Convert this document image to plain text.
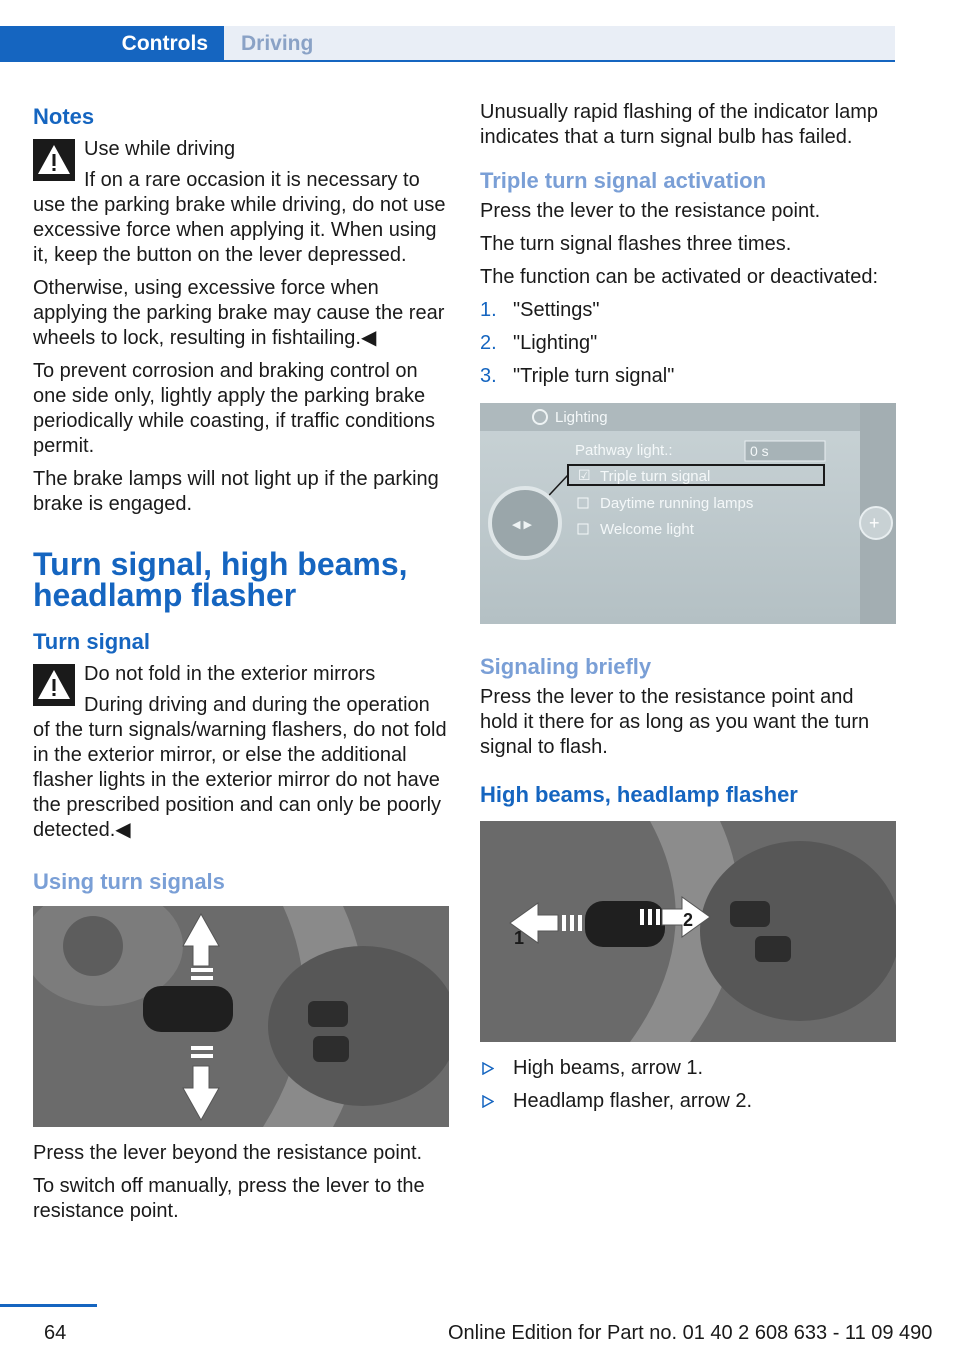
Controls Driving
Notes

Use while driving

If on a rare occasion it is necessary to use the parking brake while driving, do not use excessive force when applying it. When using it, keep the button on the lever depressed.

Otherwise, using excessive force when applying the parking brake may cause the rear wheels to lock, resulting in fishtailing.◀

To prevent corrosion and braking control on one side only, lightly apply the parking brake periodically while coasting, if traffic conditions permit.

The brake lamps will not light up if the parking brake is engaged.

Turn signal, high beams, headlamp flasher
Turn signal

Do not fold in the exterior mirrors

During driving and during the operation of the turn signals/warning flashers, do not fold in the exterior mirror, or else the additional flasher lights in the exterior mirror do not have the prescribed position and can only be poorly detected.◀

Using turn signals

Press the lever beyond the resistance point.

To switch off manually, press the lever to the resistance point.

Unusually rapid flashing of the indicator lamp indicates that a turn signal bulb has failed.

Triple turn signal activation

Press the lever to the resistance point.

The turn signal flashes three times.

The function can be activated or deactivated:

1. "Settings"
2. "Lighting"
3. "Triple turn signal"
Lighting
Pathway light.:	0 s
☑ Triple turn signal
Daytime running lamps
Welcome light
◀ ▶	+
Signaling briefly

Press the lever to the resistance point and hold it there for as long as you want the turn signal to flash.

High beams, headlamp flasher
1
2
High beams, arrow 1.
Headlamp flasher, arrow 2.
64	Online Edition for Part no. 01 40 2 608 633 - 11 09 490
